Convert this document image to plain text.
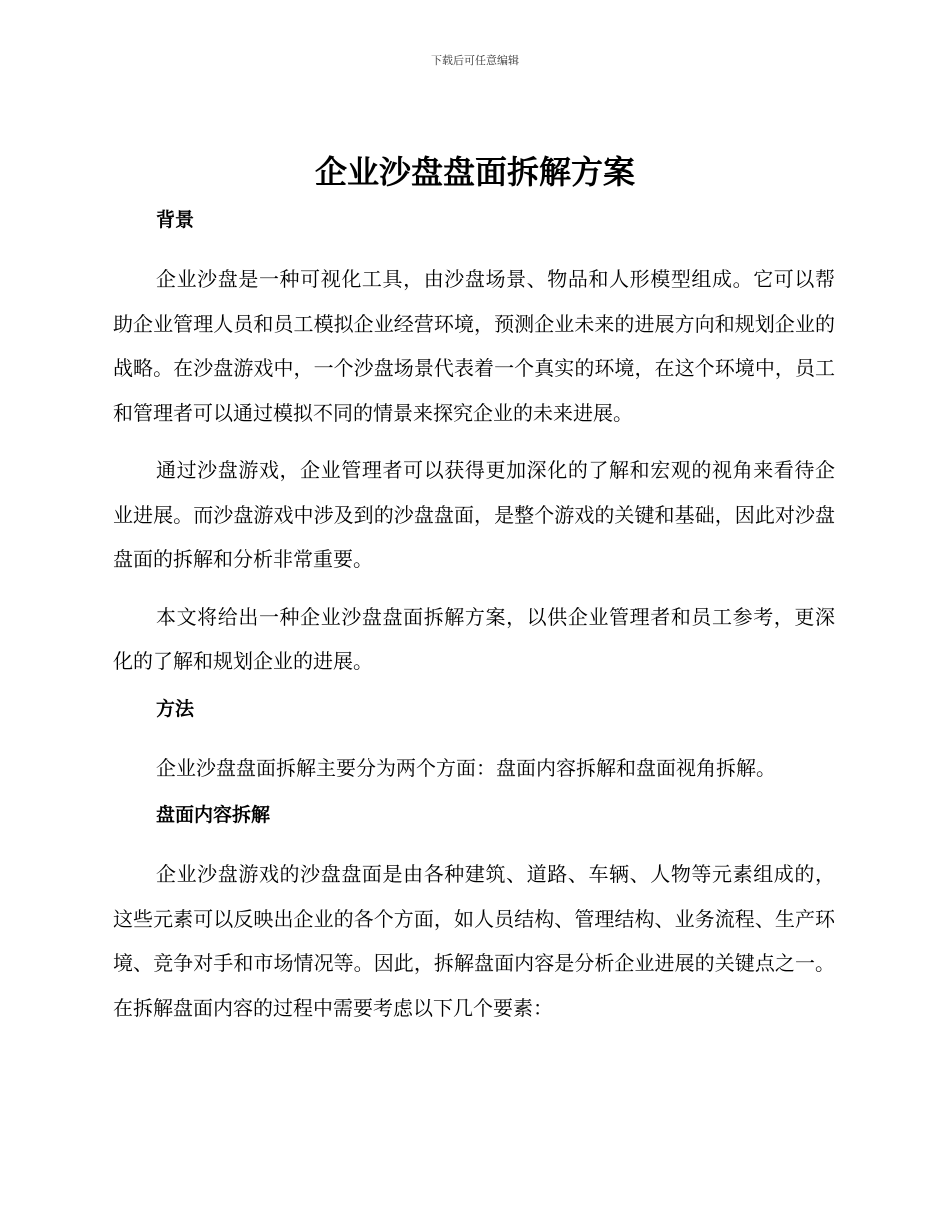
下载后可任意编辑
企业沙盘盘面拆解方案
背景

企业沙盘是一种可视化工具，由沙盘场景、物品和人形模型组成。它可以帮助企业管理人员和员工模拟企业经营环境，预测企业未来的进展方向和规划企业的战略。在沙盘游戏中，一个沙盘场景代表着一个真实的环境，在这个环境中，员工和管理者可以通过模拟不同的情景来探究企业的未来进展。

通过沙盘游戏，企业管理者可以获得更加深化的了解和宏观的视角来看待企业进展。而沙盘游戏中涉及到的沙盘盘面，是整个游戏的关键和基础，因此对沙盘盘面的拆解和分析非常重要。

本文将给出一种企业沙盘盘面拆解方案，以供企业管理者和员工参考，更深化的了解和规划企业的进展。

方法

企业沙盘盘面拆解主要分为两个方面：盘面内容拆解和盘面视角拆解。

盘面内容拆解

企业沙盘游戏的沙盘盘面是由各种建筑、道路、车辆、人物等元素组成的，这些元素可以反映出企业的各个方面，如人员结构、管理结构、业务流程、生产环境、竞争对手和市场情况等。因此，拆解盘面内容是分析企业进展的关键点之一。在拆解盘面内容的过程中需要考虑以下几个要素：
